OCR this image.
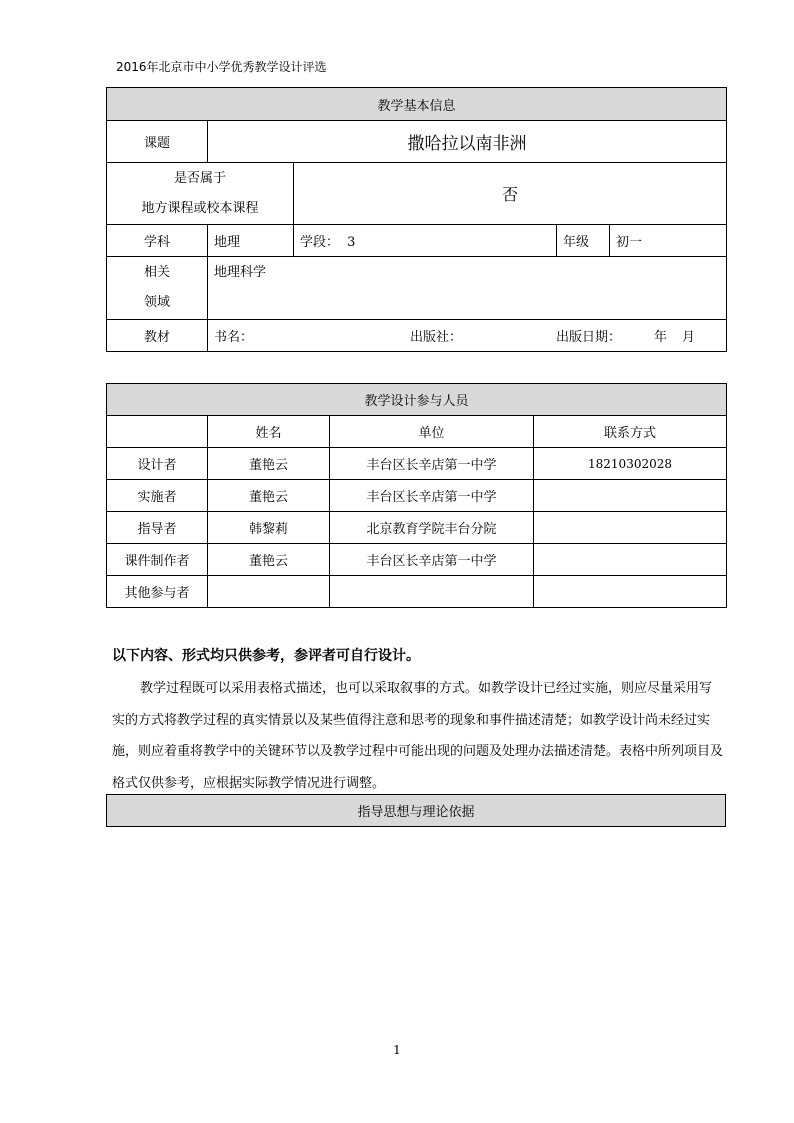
2016年北京市中小学优秀教学设计评选
教学基本信息				
课题	撒哈拉以南非洲			

是否属于
地方课程或校本课程		否		
学科	地理	学段： 3	年级	初一

相关
领域	地理科学			
教材	书名： 出版社： 出版日期： 年 月			
教学设计参与人员			
	姓名	单位	联系方式
设计者	董艳云	丰台区长辛店第一中学	18210302028
实施者	董艳云	丰台区长辛店第一中学	
指导者	韩黎莉	北京教育学院丰台分院	
课件制作者	董艳云	丰台区长辛店第一中学	
其他参与者			
以下内容、形式均只供参考，参评者可自行设计。

教学过程既可以采用表格式描述，也可以采取叙事的方式。如教学设计已经过实施，则应尽量采用写实的方式将教学过程的真实情景以及某些值得注意和思考的现象和事件描述清楚；如教学设计尚未经过实施，则应着重将教学中的关键环节以及教学过程中可能出现的问题及处理办法描述清楚。表格中所列项目及格式仅供参考，应根据实际教学情况进行调整。

指导思想与理论依据
1
